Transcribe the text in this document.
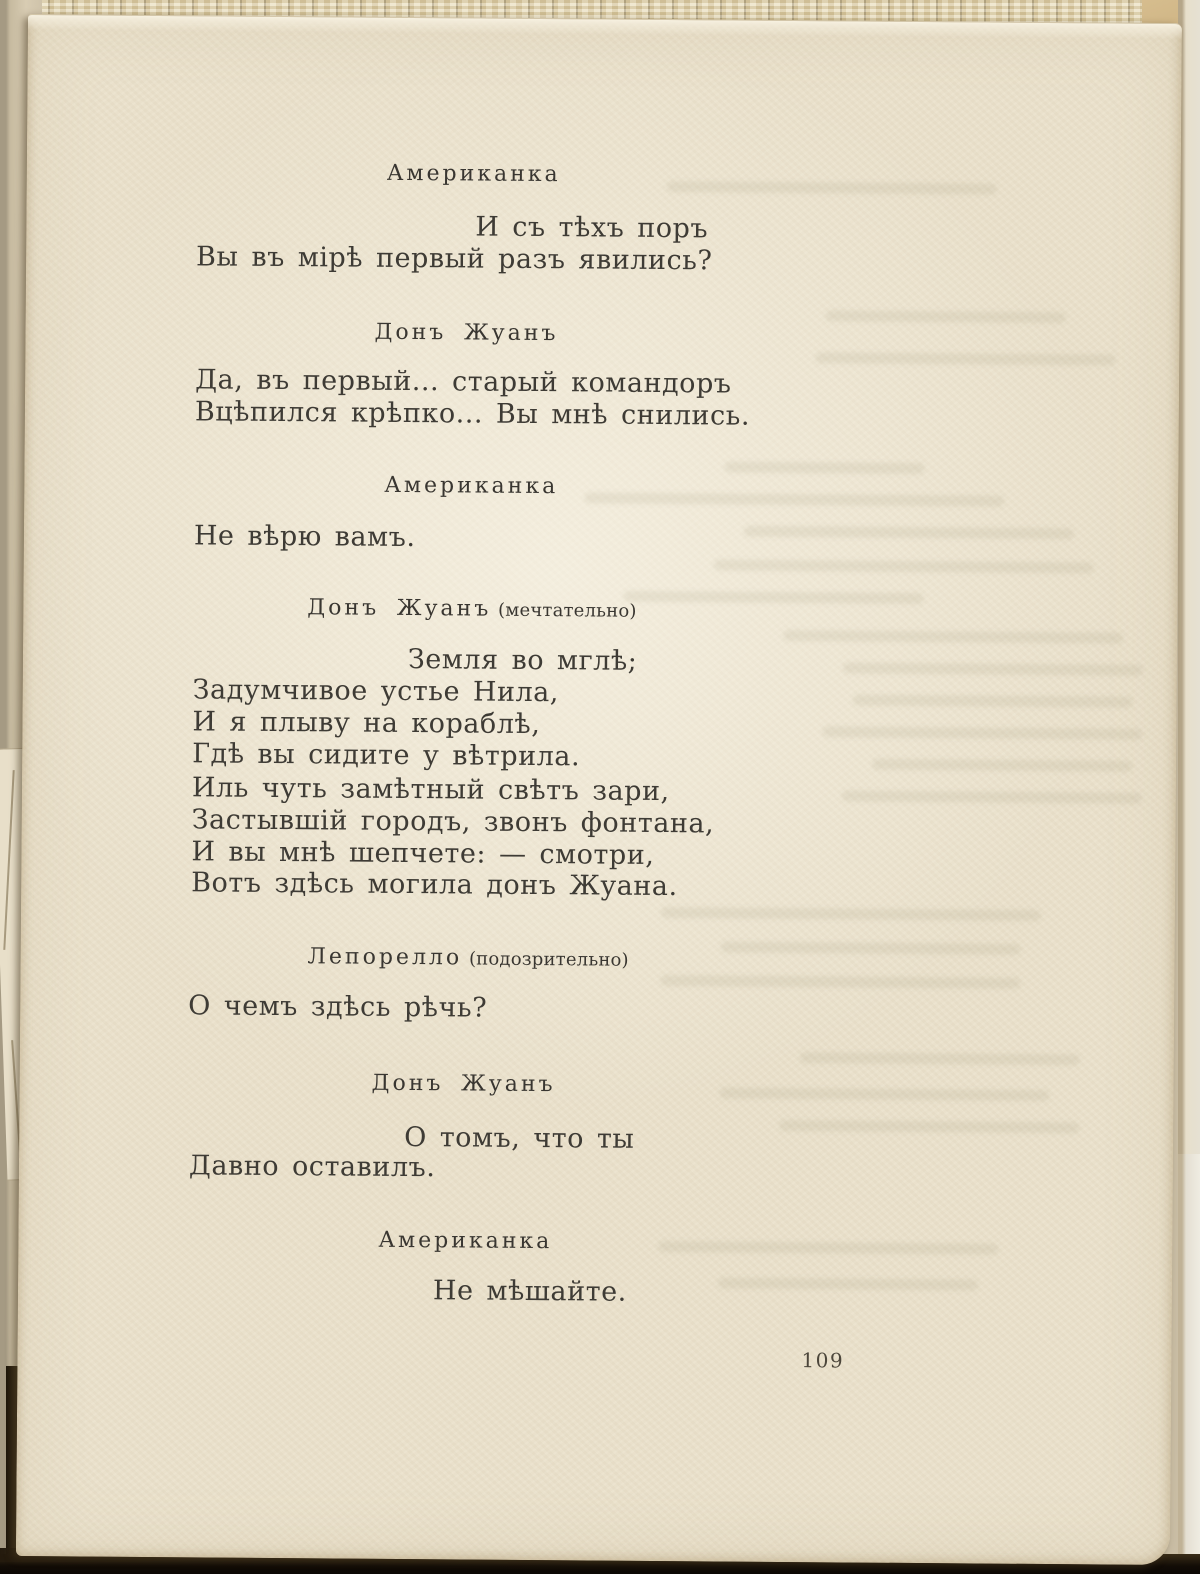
Американка
И съ тѣхъ поръ
Вы въ мірѣ первый разъ явились?
Донъ Жуанъ
Да, въ первый... старый командоръ
Вцѣпился крѣпко... Вы мнѣ снились.
Американка
Не вѣрю вамъ.
Донъ Жуанъ (мечтательно)
Земля во мглѣ;
Задумчивое устье Нила,
И я плыву на кораблѣ,
Гдѣ вы сидите у вѣтрила.
Иль чуть замѣтный свѣтъ зари,
Застывшій городъ, звонъ фонтана,
И вы мнѣ шепчете: — смотри,
Вотъ здѣсь могила донъ Жуана.
Лепорелло (подозрительно)
О чемъ здѣсь рѣчь?
Донъ Жуанъ
О томъ, что ты
Давно оставилъ.
Американка
Не мѣшайте.
109
